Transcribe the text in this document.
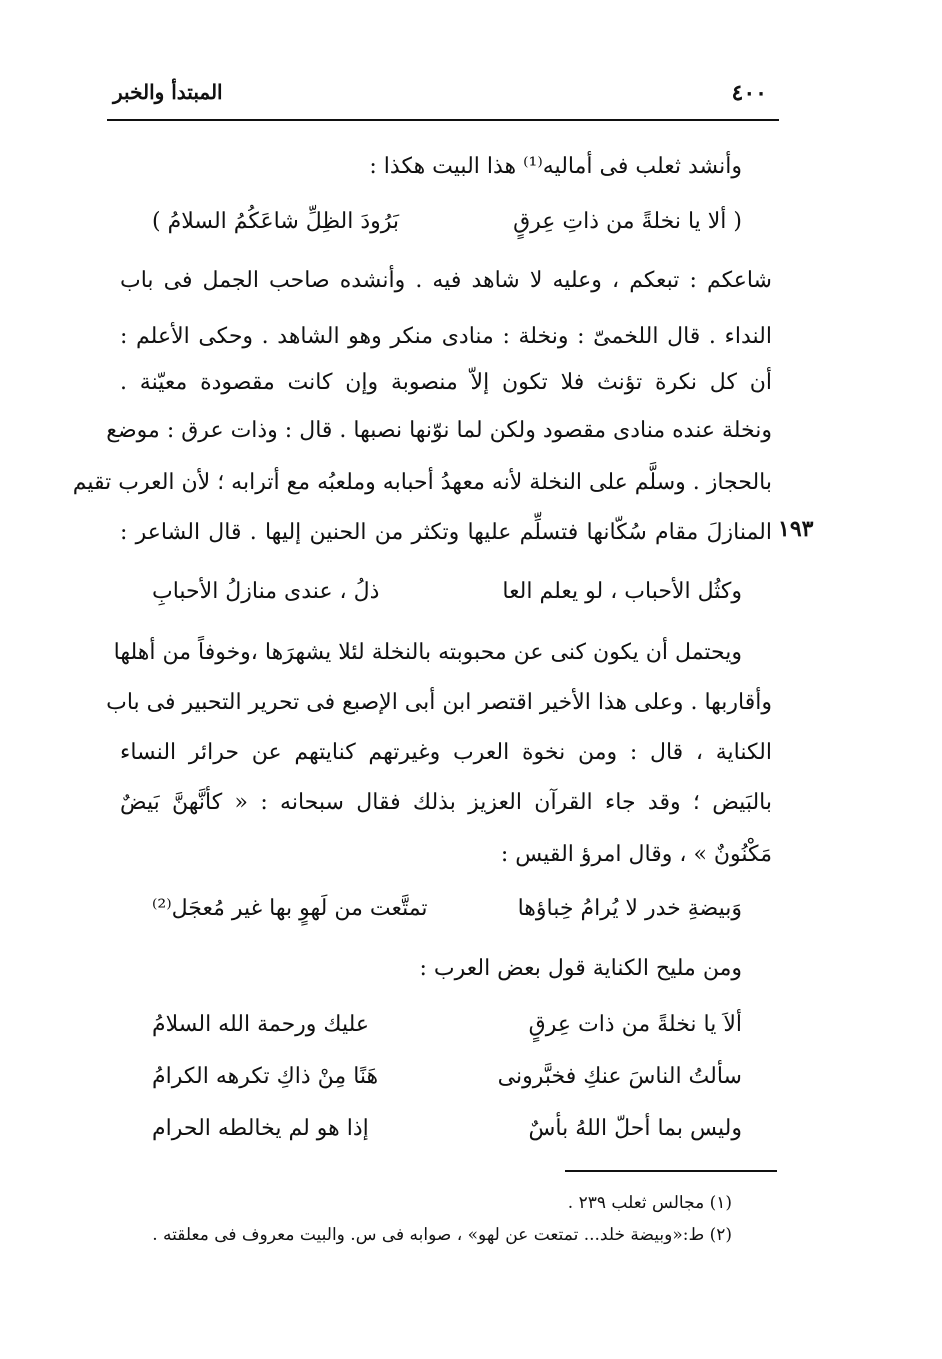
٤٠٠
المبتدأ والخبر
وأنشد ثعلب فى أماليه⁽¹⁾ هذا البيت هكذا :
( ألا يا نخلةً من ذاتِ عِرقٍ
بَرُودَ الظِلِّ شاعَكُمُ السلامُ )
شاعكم : تبعكم ، وعليه لا شاهد فيه . وأنشده صاحب الجمل فى باب
النداء . قال اللخمىّ : ونخلة : منادى منكر وهو الشاهد . وحكى الأعلم :
أن كل نكرة تؤنث فلا تكون إلاّ منصوبة وإن كانت مقصودة معيّنة .
ونخلة عنده منادى مقصود ولكن لما نوّنها نصبها . قال : وذات عرق : موضع
بالحجاز . وسلَّم على النخلة لأنه معهدُ أحبابه وملعبُه مع أترابه ؛ لأن العرب تقيم
المنازلَ مقام سُكّانها فتسلِّم عليها وتكثر من الحنين إليها . قال الشاعر : ١٩٣
وكثُل الأحباب ، لو يعلم العا
ذلُ ، عندى منازلُ الأحبابِ
ويحتمل أن يكون كنى عن محبوبته بالنخلة لئلا يشهرَها ،وخوفاً من أهلها
وأقاربها . وعلى هذا الأخير اقتصر ابن أبى الإصبع فى تحرير التحبير فى باب
الكناية ، قال : ومن نخوة العرب وغيرتهم كنايتهم عن حرائر النساء
بالبَيض ؛ وقد جاء القرآن العزيز بذلك فقال سبحانه : « كأنَّهنَّ بَيضٌ
مَكْنُونٌ » ، وقال امرؤ القيس :
وَبيضةِ خدر لا يُرامُ خِباؤها
تمتَّعت من لَهوٍ بها غير مُعجَل⁽²⁾
ومن مليح الكناية قول بعض العرب :
ألاَ يا نخلةً من ذات عِرقٍ
عليك ورحمة الله السلامُ
سألتُ الناسَ عنكِ فخبَّرونى
هَنًا مِنْ ذاكِ تكرهه الكرامُ
وليس بما أحلّ اللهُ بأسٌ
إذا هو لم يخالطه الحرام
(١) مجالس ثعلب ٢٣٩ .
(٢) ط:«وبيضة خلد... تمتعت عن لهو» ، صوابه فى س. والبيت معروف فى معلقته .
